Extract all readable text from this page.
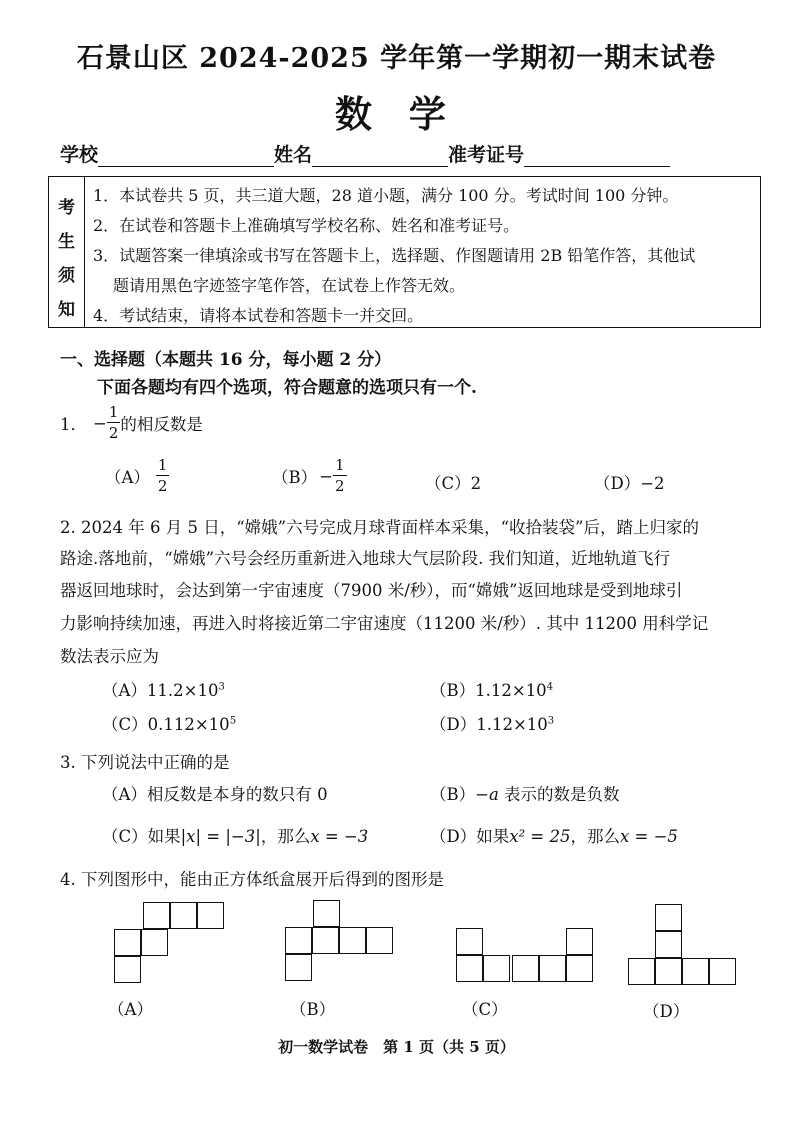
石景山区 2024-2025 学年第一学期初一期末试卷
数 学
学校	姓名	准考证号
考
生
须
知
1．本试卷共 5 页，共三道大题，28 道小题，满分 100 分。考试时间 100 分钟。
2．在试卷和答题卡上准确填写学校名称、姓名和准考证号。
3．试题答案一律填涂或书写在答题卡上，选择题、作图题请用 2B 铅笔作答，其他试
题请用黑色字迹签字笔作答，在试卷上作答无效。
4．考试结束，请将本试卷和答题卡一并交回。
一、选择题（本题共 16 分，每小题 2 分）
下面各题均有四个选项，符合题意的选项只有一个.
1． − $\frac{1}{2}$ 的相反数是
$(A) \frac{1}{2}$	$(B) - \frac{1}{2}$	（C）2	（D）−2
2. 2024 年 6 月 5 日，“嫦娥”六号完成月球背面样本采集，“收拾装袋”后，踏上归家的
路途.落地前，“嫦娥”六号会经历重新进入地球大气层阶段. 我们知道，近地轨道飞行
器返回地球时，会达到第一宇宙速度（7900 米/秒），而“嫦娥”返回地球是受到地球引
力影响持续加速，再进入时将接近第二宇宙速度（11200 米/秒）. 其中 11200 用科学记
数法表示应为
$(A)11.2\times 10^3$	$(B)1.12\times 10^4$
$(C)0.112\times 10^5$	$(D)1.12\times 10^3$
3. 下列说法中正确的是
（A）相反数是本身的数只有 0	（B）−a 表示的数是负数
（C）如果|x| = |−3|，那么x = −3	（D）如果x² = 25，那么x = −5
4. 下列图形中，能由正方体纸盒展开后得到的图形是
（A）	（B）	（C）	（D）
初一数学试卷　第 1 页（共 5 页）
